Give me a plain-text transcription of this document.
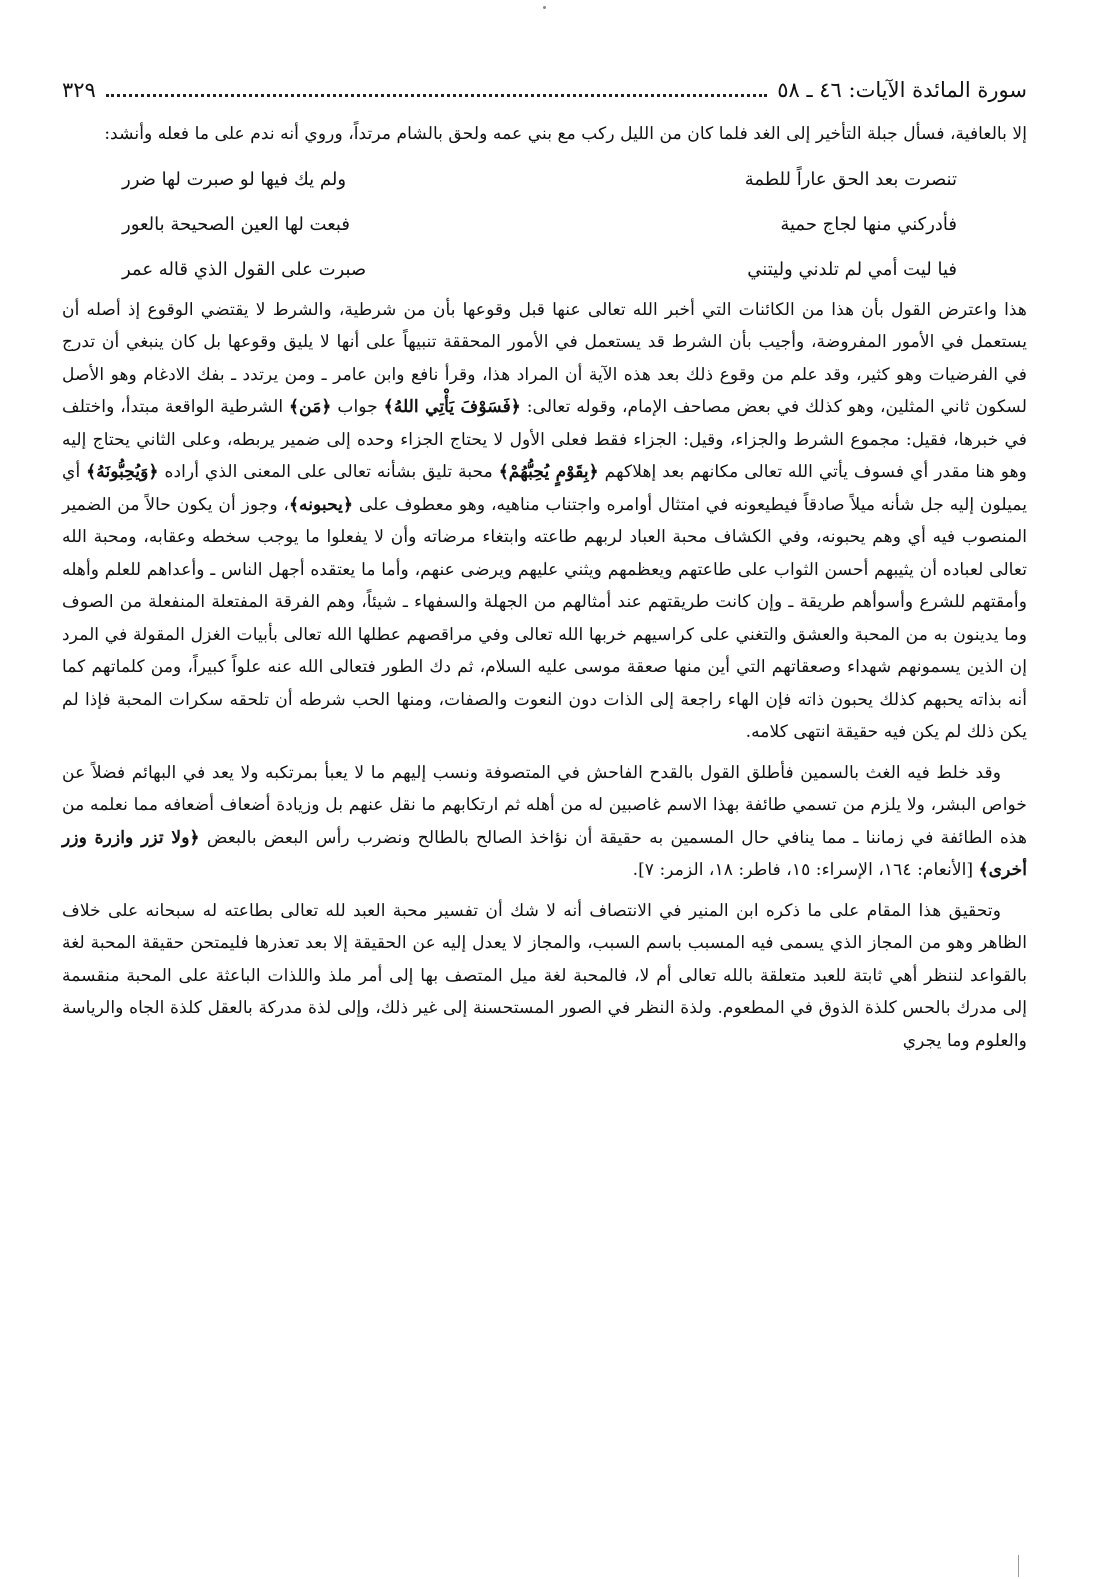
سورة المائدة الآيات: ٤٦ ـ ٥٨
٣٢٩

إلا بالعافية، فسأل جبلة التأخير إلى الغد فلما كان من الليل ركب مع بني عمه ولحق بالشام مرتداً، وروي أنه ندم على ما فعله وأنشد:

تنصرت بعد الحق عاراً للطمة
ولم يك فيها لو صبرت لها ضرر
فأدركني منها لجاج حمية
فبعت لها العين الصحيحة بالعور
فيا ليت أمي لم تلدني وليتني
صبرت على القول الذي قاله عمر

هذا واعترض القول بأن هذا من الكائنات التي أخبر الله تعالى عنها قبل وقوعها بأن من شرطية، والشرط لا يقتضي الوقوع إذ أصله أن يستعمل في الأمور المفروضة، وأجيب بأن الشرط قد يستعمل في الأمور المحققة تنبيهاً على أنها لا يليق وقوعها بل كان ينبغي أن تدرج في الفرضيات وهو كثير، وقد علم من وقوع ذلك بعد هذه الآية أن المراد هذا، وقرأ نافع وابن عامر ـ ومن يرتدد ـ بفك الادغام وهو الأصل لسكون ثاني المثلين، وهو كذلك في بعض مصاحف الإمام، وقوله تعالى: ﴿فَسَوْفَ يَأْتِي اللهُ﴾ جواب ﴿مَن﴾ الشرطية الواقعة مبتدأ، واختلف في خبرها، فقيل: مجموع الشرط والجزاء، وقيل: الجزاء فقط فعلى الأول لا يحتاج الجزاء وحده إلى ضمير يربطه، وعلى الثاني يحتاج إليه وهو هنا مقدر أي فسوف يأتي الله تعالى مكانهم بعد إهلاكهم ﴿بِقَوْمٍ يُحِبُّهُمْ﴾ محبة تليق بشأنه تعالى على المعنى الذي أراده ﴿وَيُحِبُّونَهُ﴾ أي يميلون إليه جل شأنه ميلاً صادقاً فيطيعونه في امتثال أوامره واجتناب مناهيه، وهو معطوف على ﴿يحبونه﴾، وجوز أن يكون حالاً من الضمير المنصوب فيه أي وهم يحبونه، وفي الكشاف محبة العباد لربهم طاعته وابتغاء مرضاته وأن لا يفعلوا ما يوجب سخطه وعقابه، ومحبة الله تعالى لعباده أن يثيبهم أحسن الثواب على طاعتهم ويعظمهم ويثني عليهم ويرضى عنهم، وأما ما يعتقده أجهل الناس ـ وأعداهم للعلم وأهله وأمقتهم للشرع وأسوأهم طريقة ـ وإن كانت طريقتهم عند أمثالهم من الجهلة والسفهاء ـ شيئاً، وهم الفرقة المفتعلة المنفعلة من الصوف وما يدينون به من المحبة والعشق والتغني على كراسيهم خربها الله تعالى وفي مراقصهم عطلها الله تعالى بأبيات الغزل المقولة في المرد إن الذين يسمونهم شهداء وصعقاتهم التي أين منها صعقة موسى عليه السلام، ثم دك الطور فتعالى الله عنه علواً كبيراً، ومن كلماتهم كما أنه بذاته يحبهم كذلك يحبون ذاته فإن الهاء راجعة إلى الذات دون النعوت والصفات، ومنها الحب شرطه أن تلحقه سكرات المحبة فإذا لم يكن ذلك لم يكن فيه حقيقة انتهى كلامه.

وقد خلط فيه الغث بالسمين فأطلق القول بالقدح الفاحش في المتصوفة ونسب إليهم ما لا يعبأ بمرتكبه ولا يعد في البهائم فضلاً عن خواص البشر، ولا يلزم من تسمي طائفة بهذا الاسم غاصبين له من أهله ثم ارتكابهم ما نقل عنهم بل وزيادة أضعاف أضعافه مما نعلمه من هذه الطائفة في زماننا ـ مما ينافي حال المسمين به حقيقة أن نؤاخذ الصالح بالطالح ونضرب رأس البعض بالبعض ﴿ولا تزر وازرة وزر أخرى﴾ [الأنعام: ١٦٤، الإسراء: ١٥، فاطر: ١٨، الزمر: ٧].

وتحقيق هذا المقام على ما ذكره ابن المنير في الانتصاف أنه لا شك أن تفسير محبة العبد لله تعالى بطاعته له سبحانه على خلاف الظاهر وهو من المجاز الذي يسمى فيه المسبب باسم السبب، والمجاز لا يعدل إليه عن الحقيقة إلا بعد تعذرها فليمتحن حقيقة المحبة لغة بالقواعد لننظر أهي ثابتة للعبد متعلقة بالله تعالى أم لا، فالمحبة لغة ميل المتصف بها إلى أمر ملذ واللذات الباعثة على المحبة منقسمة إلى مدرك بالحس كلذة الذوق في المطعوم. ولذة النظر في الصور المستحسنة إلى غير ذلك، وإلى لذة مدركة بالعقل كلذة الجاه والرياسة والعلوم وما يجري
